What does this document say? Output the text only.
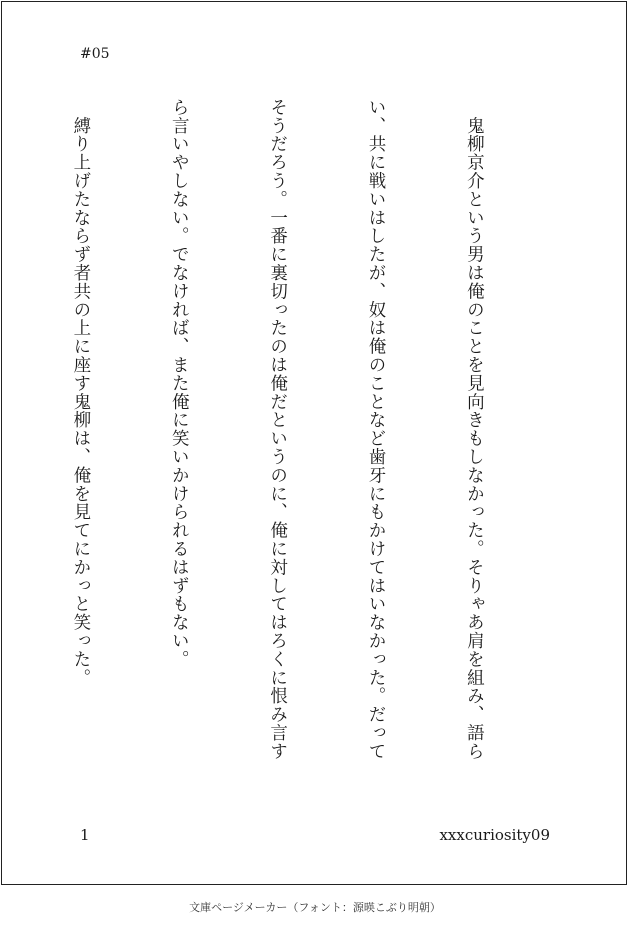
#05

　鬼柳京介という男は俺のことを見向きもしなかった。そりゃあ肩を組み、語ら

い、共に戦いはしたが、奴は俺のことなど歯牙にもかけてはいなかった。だって

そうだろう。一番に裏切ったのは俺だというのに、俺に対してはろくに恨み言す

ら言いやしない。でなければ、また俺に笑いかけられるはずもない。

　縛り上げたならず者共の上に座す鬼柳は、俺を見てにかっと笑った。

1	xxxcuriosity09
文庫ページメーカー（フォント：源暎こぶり明朝）
